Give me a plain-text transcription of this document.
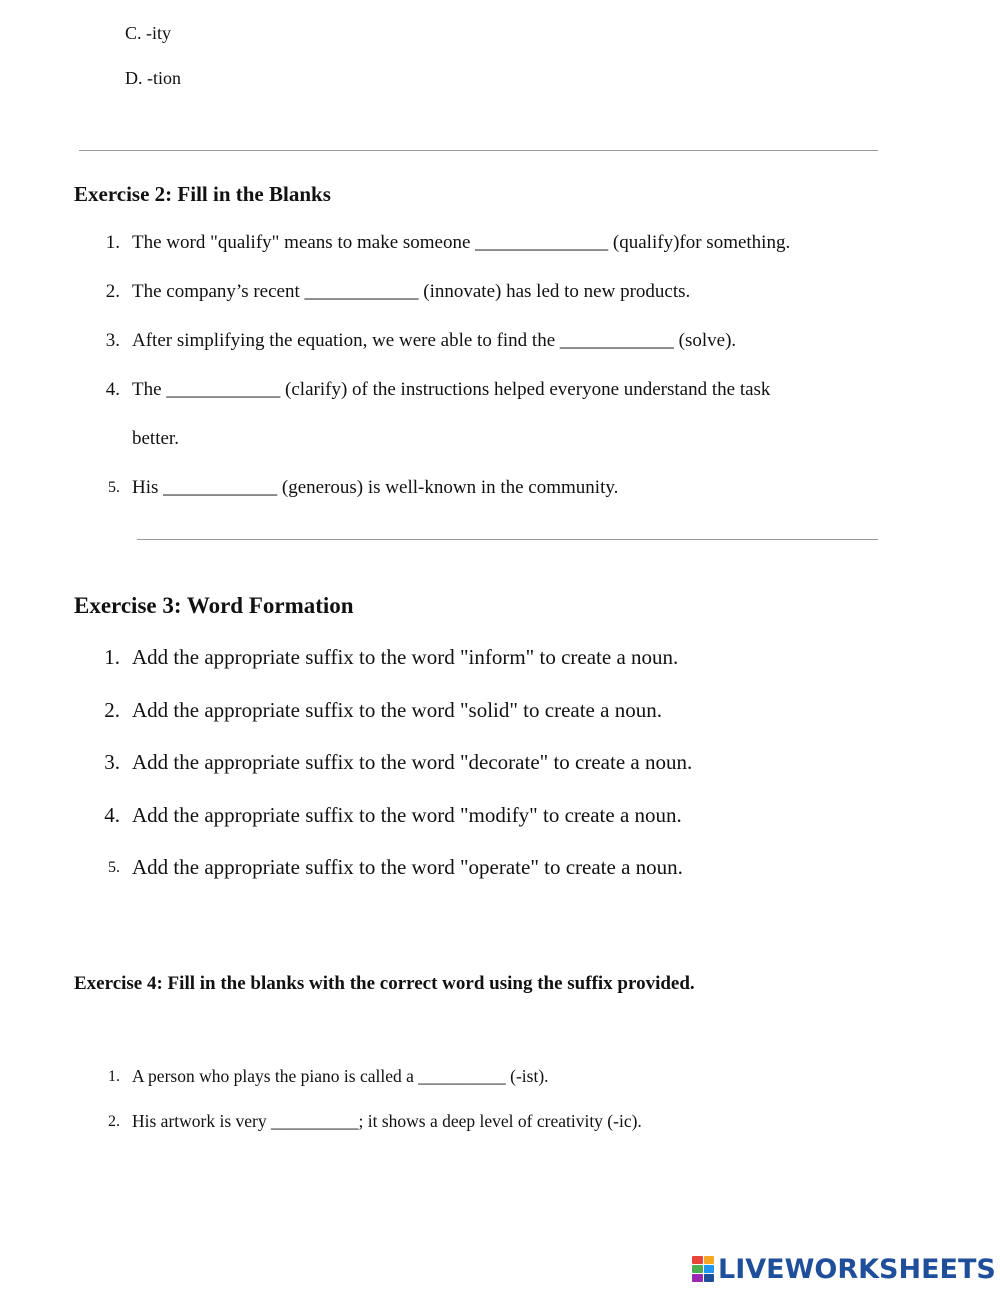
C. -ity
D. -tion
Exercise 2: Fill in the Blanks
1. The word "qualify" means to make someone ______________ (qualify)for something.
2. The company’s recent ____________ (innovate) has led to new products.
3. After simplifying the equation, we were able to find the ____________ (solve).
4. The ____________ (clarify) of the instructions helped everyone understand the task
better.
5. His ____________ (generous) is well-known in the community.
Exercise 3: Word Formation
1. Add the appropriate suffix to the word "inform" to create a noun.
2. Add the appropriate suffix to the word "solid" to create a noun.
3. Add the appropriate suffix to the word "decorate" to create a noun.
4. Add the appropriate suffix to the word "modify" to create a noun.
5. Add the appropriate suffix to the word "operate" to create a noun.
Exercise 4: Fill in the blanks with the correct word using the suffix provided.
1. A person who plays the piano is called a __________ (-ist).
2. His artwork is very __________; it shows a deep level of creativity (-ic).
LIVEWORKSHEETS
